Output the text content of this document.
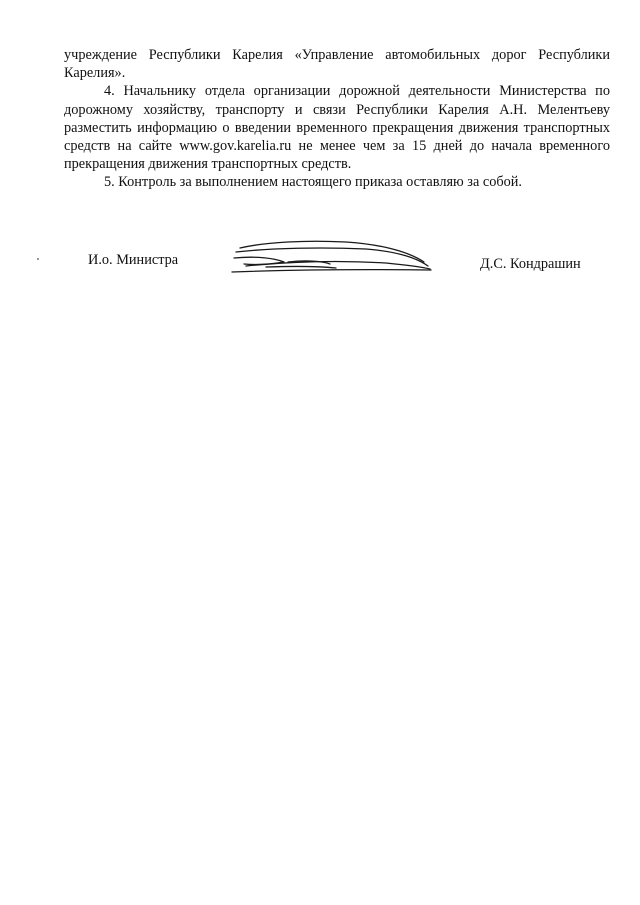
учреждение Республики Карелия «Управление автомобильных дорог Республики Карелия».

4. Начальнику отдела организации дорожной деятельности Министерства по дорожному хозяйству, транспорту и связи Республики Карелия А.Н. Мелентьеву разместить информацию о введении временного прекращения движения транспортных средств на сайте www.gov.karelia.ru не менее чем за 15 дней до начала временного прекращения движения транспортных средств.

5. Контроль за выполнением настоящего приказа оставляю за собой.

И.о. Министра	Д.С. Кондрашин
